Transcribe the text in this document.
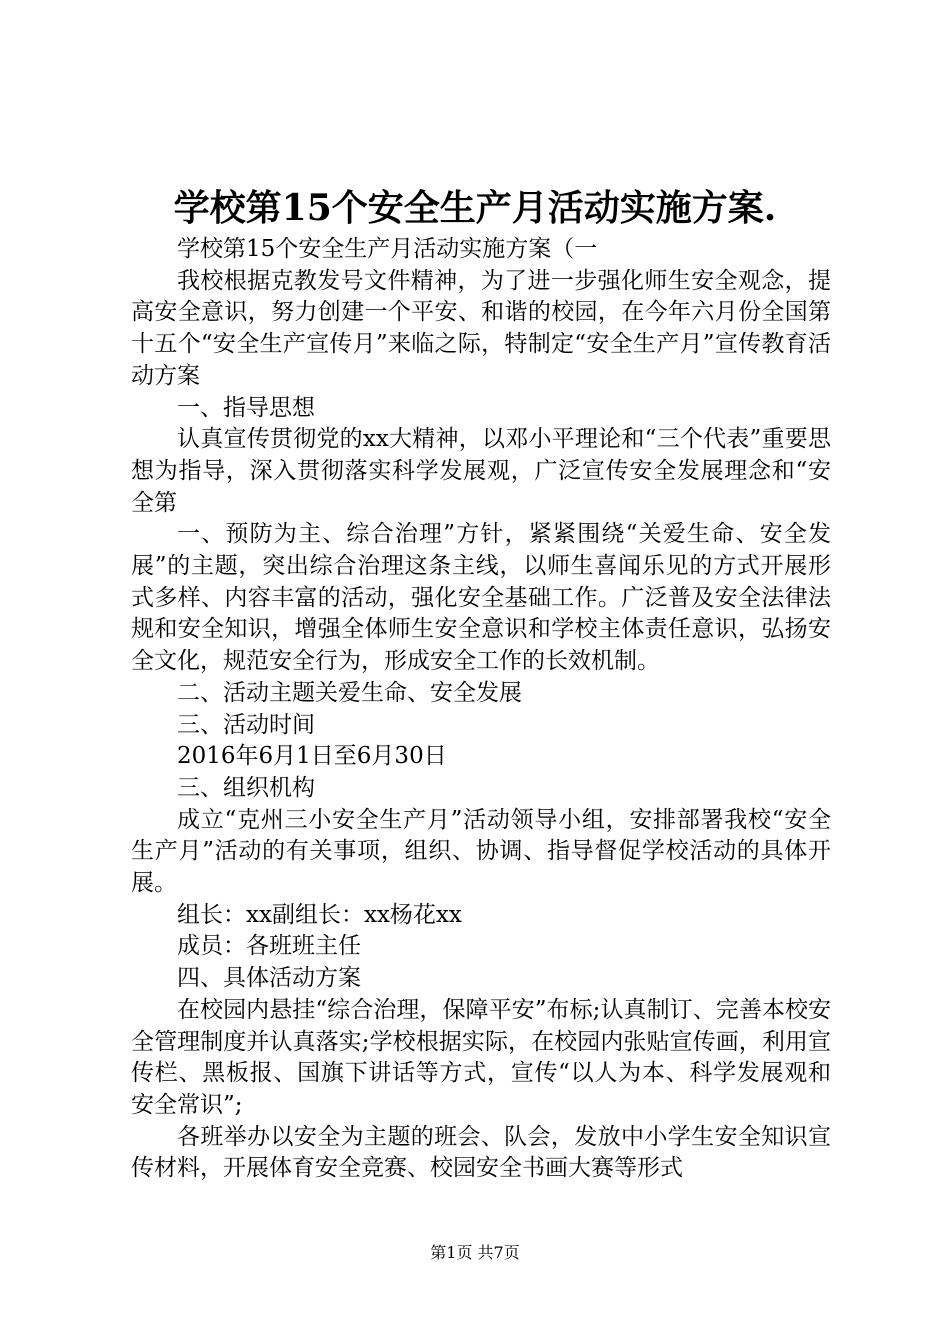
学校第15个安全生产月活动实施方案.

学校第15个安全生产月活动实施方案（一

我校根据克教发号文件精神，为了进一步强化师生安全观念，提高安全意识，努力创建一个平安、和谐的校园，在今年六月份全国第十五个“安全生产宣传月”来临之际，特制定“安全生产月”宣传教育活动方案

一、指导思想

认真宣传贯彻党的xx大精神，以邓小平理论和“三个代表”重要思想为指导，深入贯彻落实科学发展观，广泛宣传安全发展理念和“安全第

一、预防为主、综合治理”方针，紧紧围绕“关爱生命、安全发展”的主题，突出综合治理这条主线，以师生喜闻乐见的方式开展形式多样、内容丰富的活动，强化安全基础工作。广泛普及安全法律法规和安全知识，增强全体师生安全意识和学校主体责任意识，弘扬安全文化，规范安全行为，形成安全工作的长效机制。

二、活动主题关爱生命、安全发展

三、活动时间

2016年6月1日至6月30日

三、组织机构

成立“克州三小安全生产月”活动领导小组，安排部署我校“安全生产月”活动的有关事项，组织、协调、指导督促学校活动的具体开展。

组长：xx副组长：xx杨花xx

成员：各班班主任

四、具体活动方案

在校园内悬挂“综合治理，保障平安”布标;认真制订、完善本校安全管理制度并认真落实;学校根据实际，在校园内张贴宣传画，利用宣传栏、黑板报、国旗下讲话等方式，宣传“以人为本、科学发展观和安全常识”;

各班举办以安全为主题的班会、队会，发放中小学生安全知识宣传材料，开展体育安全竞赛、校园安全书画大赛等形式

第1页 共7页
